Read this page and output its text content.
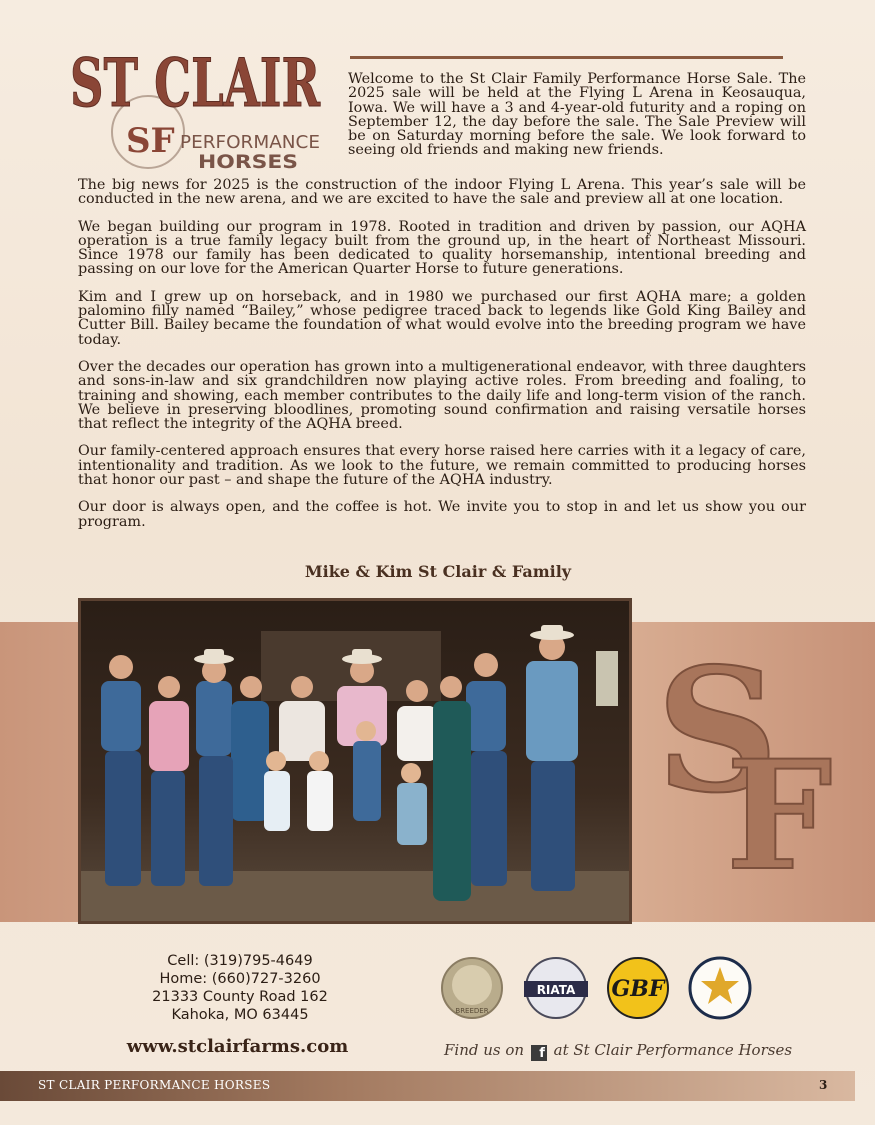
ST CLAIR
SF PERFORMANCE
HORSES

Welcome to the St Clair Family Performance Horse Sale. The 2025 sale will be held at the Flying L Arena in Keosauqua, Iowa. We will have a 3 and 4-year-old futurity and a roping on September 12, the day before the sale. The Sale Preview will be on Saturday morning before the sale. We look forward to seeing old friends and making new friends.

The big news for 2025 is the construction of the indoor Flying L Arena. This year’s sale will be conducted in the new arena, and we are excited to have the sale and preview all at one location.

We began building our program in 1978. Rooted in tradition and driven by passion, our AQHA operation is a true family legacy built from the ground up, in the heart of Northeast Missouri. Since 1978 our family has been dedicated to quality horsemanship, intentional breeding and passing on our love for the American Quarter Horse to future generations.

Kim and I grew up on horseback, and in 1980 we purchased our first AQHA mare; a golden palomino filly named “Bailey,” whose pedigree traced back to legends like Gold King Bailey and Cutter Bill. Bailey became the foundation of what would evolve into the breeding program we have today.

Over the decades our operation has grown into a multigenerational endeavor, with three daughters and sons-in-law and six grandchildren now playing active roles. From breeding and foaling, to training and showing, each member contributes to the daily life and long-term vision of the ranch. We believe in preserving bloodlines, promoting sound confirmation and raising versatile horses that reflect the integrity of the AQHA breed.

Our family-centered approach ensures that every horse raised here carries with it a legacy of care, intentionality and tradition. As we look to the future, we remain committed to producing horses that honor our past – and shape the future of the AQHA industry.

Our door is always open, and the coffee is hot. We invite you to stop in and let us show you our program.

Mike & Kim St Clair & Family
S
F
Cell: (319)795-4649
Home: (660)727-3260
21333 County Road 162
Kahoka, MO 63445
www.stclairfarms.com
BREEDER
RIATA GBF
Find us on f at St Clair Performance Horses
ST CLAIR PERFORMANCE HORSES	3
